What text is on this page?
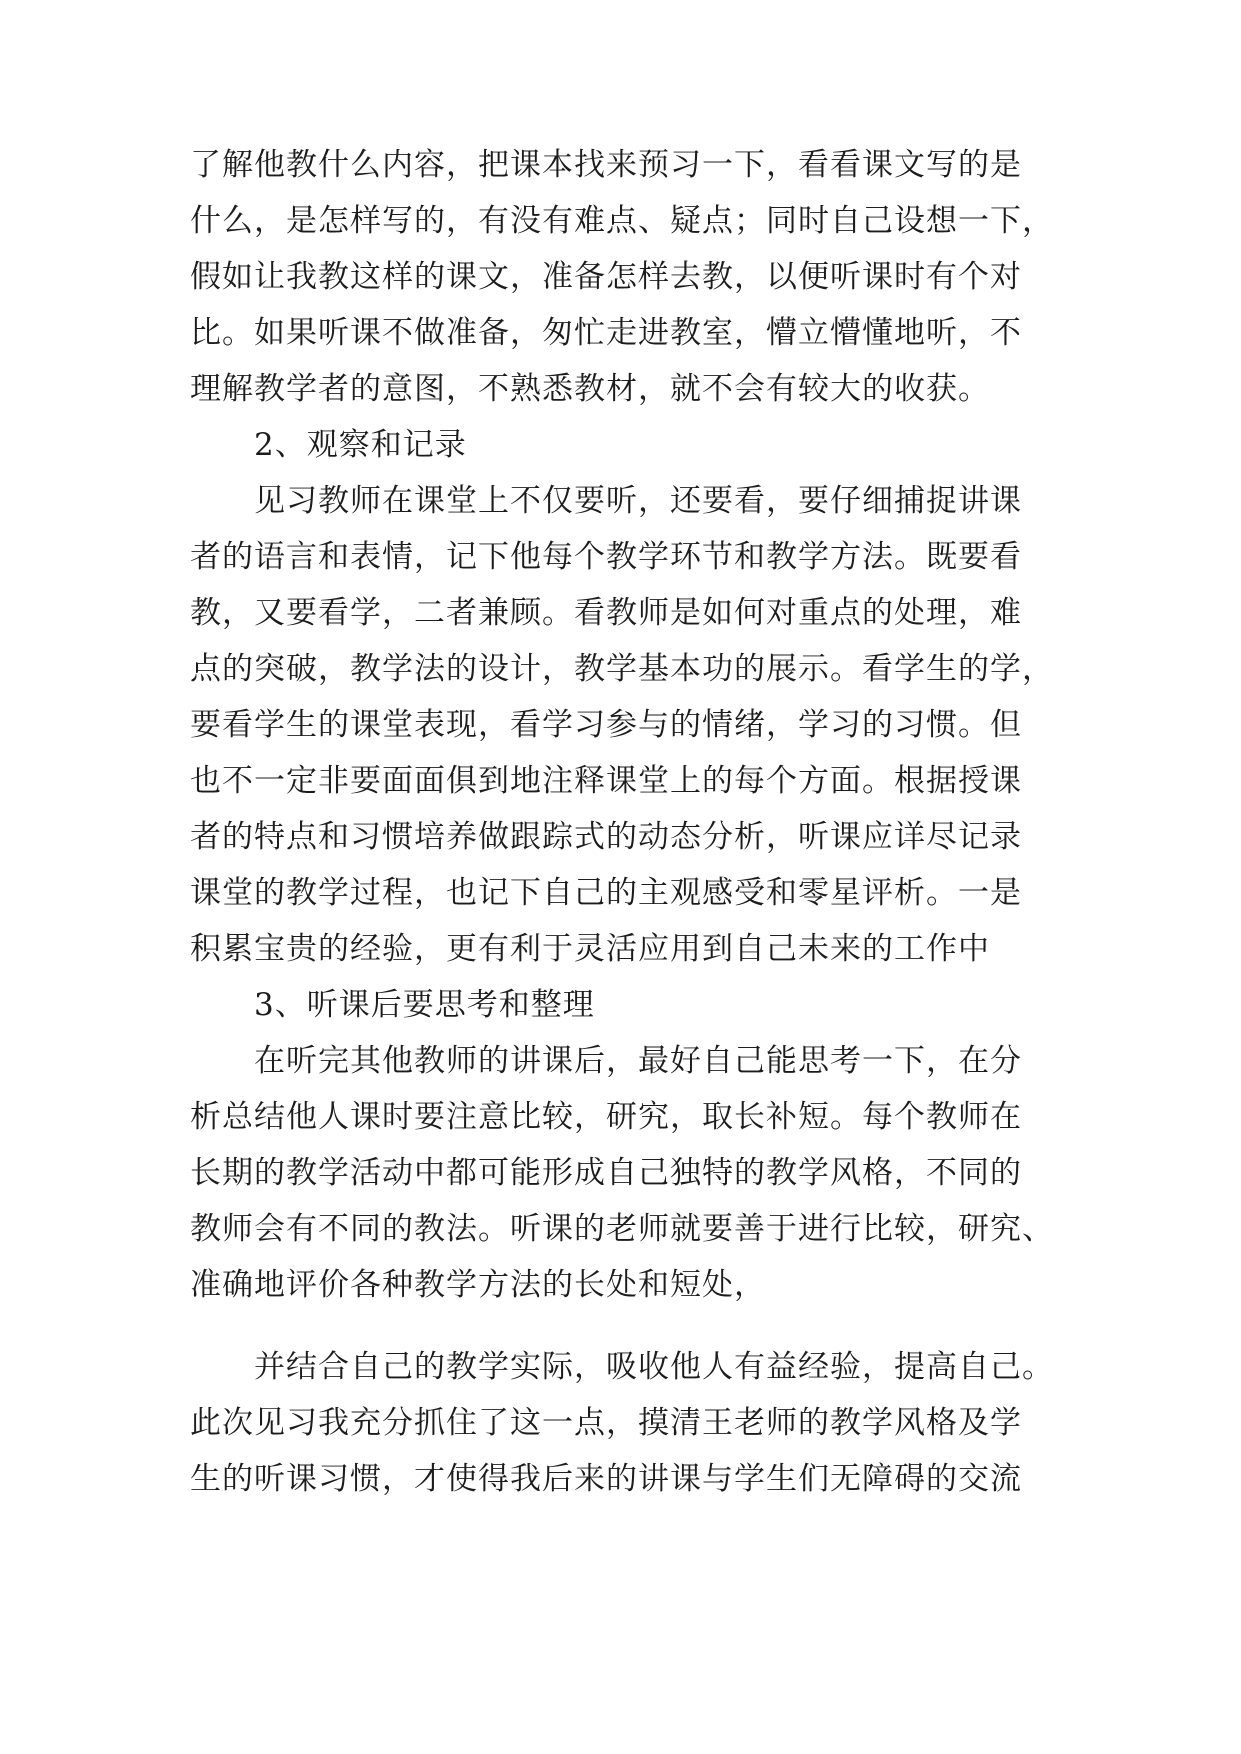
了解他教什么内容，把课本找来预习一下，看看课文写的是
什么，是怎样写的，有没有难点、疑点；同时自己设想一下，
假如让我教这样的课文，准备怎样去教，以便听课时有个对
比。如果听课不做准备，匆忙走进教室，懵立懵懂地听，不
理解教学者的意图，不熟悉教材，就不会有较大的收获。
2、观察和记录
见习教师在课堂上不仅要听，还要看，要仔细捕捉讲课
者的语言和表情，记下他每个教学环节和教学方法。既要看
教，又要看学，二者兼顾。看教师是如何对重点的处理，难
点的突破，教学法的设计，教学基本功的展示。看学生的学，
要看学生的课堂表现，看学习参与的情绪，学习的习惯。但
也不一定非要面面俱到地注释课堂上的每个方面。根据授课
者的特点和习惯培养做跟踪式的动态分析，听课应详尽记录
课堂的教学过程，也记下自己的主观感受和零星评析。一是
积累宝贵的经验，更有利于灵活应用到自己未来的工作中
3、听课后要思考和整理
在听完其他教师的讲课后，最好自己能思考一下，在分
析总结他人课时要注意比较，研究，取长补短。每个教师在
长期的教学活动中都可能形成自己独特的教学风格，不同的
教师会有不同的教法。听课的老师就要善于进行比较，研究、
准确地评价各种教学方法的长处和短处，
并结合自己的教学实际，吸收他人有益经验，提高自己。
此次见习我充分抓住了这一点，摸清王老师的教学风格及学
生的听课习惯，才使得我后来的讲课与学生们无障碍的交流
